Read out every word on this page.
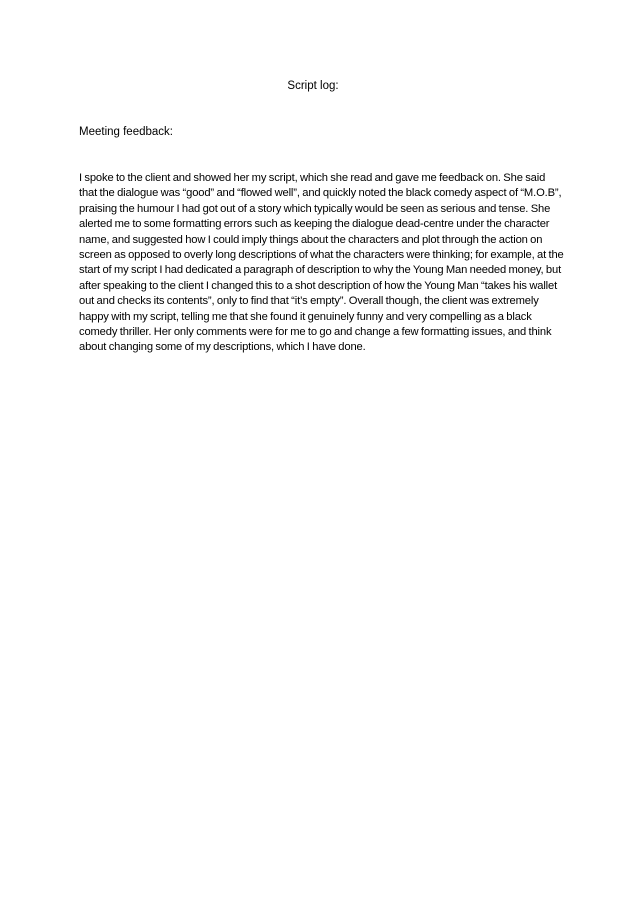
Script log:
Meeting feedback:

I spoke to the client and showed her my script, which she read and gave me feedback on. She said that the dialogue was “good” and “flowed well”, and quickly noted the black comedy aspect of “M.O.B”, praising the humour I had got out of a story which typically would be seen as serious and tense. She alerted me to some formatting errors such as keeping the dialogue dead-centre under the character name, and suggested how I could imply things about the characters and plot through the action on screen as opposed to overly long descriptions of what the characters were thinking; for example, at the start of my script I had dedicated a paragraph of description to why the Young Man needed money, but after speaking to the client I changed this to a shot description of how the Young Man “takes his wallet out and checks its contents”, only to find that “it’s empty”. Overall though, the client was extremely happy with my script, telling me that she found it genuinely funny and very compelling as a black comedy thriller. Her only comments were for me to go and change a few formatting issues, and think about changing some of my descriptions, which I have done.
